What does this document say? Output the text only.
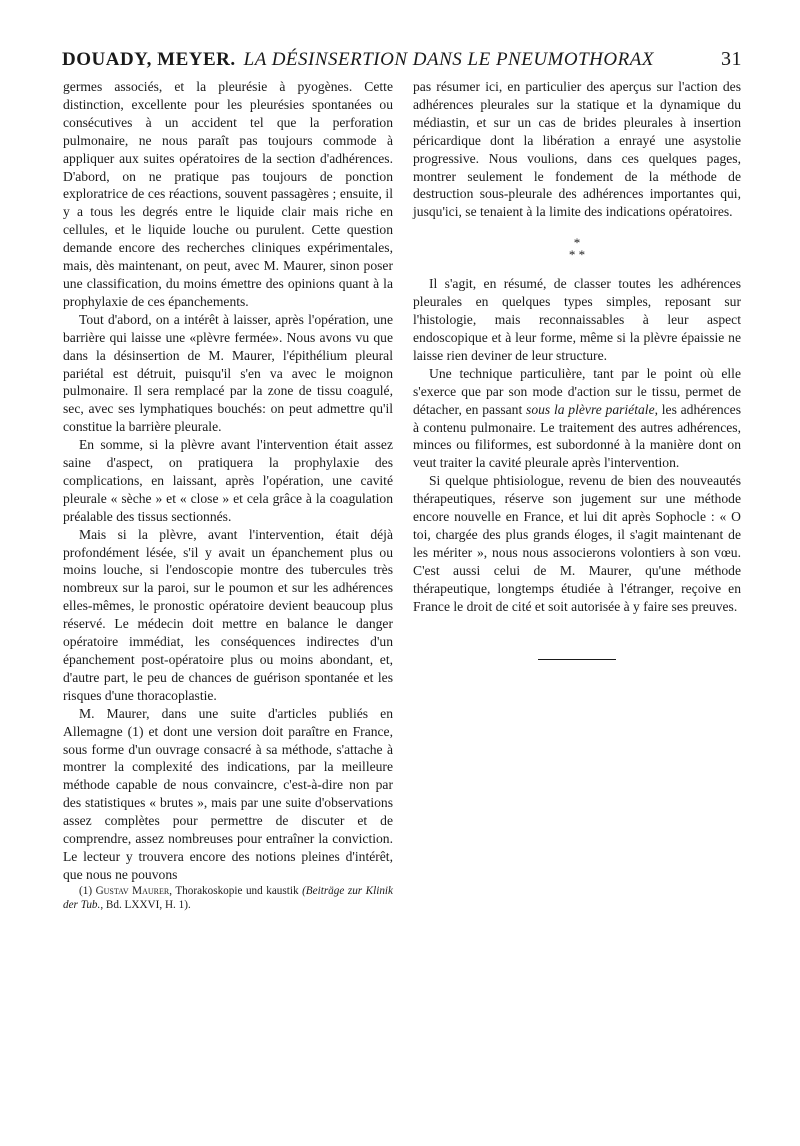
DOUADY, MEYER. LA DÉSINSERTION DANS LE PNEUMOTHORAX	31

germes associés, et la pleurésie à pyogènes. Cette distinction, excellente pour les pleurésies spontanées ou consécutives à un accident tel que la perforation pulmonaire, ne nous paraît pas toujours commode à appliquer aux suites opératoires de la section d'adhérences. D'abord, on ne pratique pas toujours de ponction exploratrice de ces réactions, souvent passagères ; ensuite, il y a tous les degrés entre le liquide clair mais riche en cellules, et le liquide louche ou purulent. Cette question demande encore des recherches cliniques expérimentales, mais, dès maintenant, on peut, avec M. Maurer, sinon poser une classification, du moins émettre des opinions quant à la prophylaxie de ces épanchements.

Tout d'abord, on a intérêt à laisser, après l'opération, une barrière qui laisse une «plèvre fermée». Nous avons vu que dans la désinsertion de M. Maurer, l'épithélium pleural pariétal est détruit, puisqu'il s'en va avec le moignon pulmonaire. Il sera remplacé par la zone de tissu coagulé, sec, avec ses lymphatiques bouchés: on peut admettre qu'il constitue la barrière pleurale.

En somme, si la plèvre avant l'intervention était assez saine d'aspect, on pratiquera la prophylaxie des complications, en laissant, après l'opération, une cavité pleurale « sèche » et « close » et cela grâce à la coagulation préalable des tissus sectionnés.

Mais si la plèvre, avant l'intervention, était déjà profondément lésée, s'il y avait un épanchement plus ou moins louche, si l'endoscopie montre des tubercules très nombreux sur la paroi, sur le poumon et sur les adhérences elles-mêmes, le pronostic opératoire devient beaucoup plus réservé. Le médecin doit mettre en balance le danger opératoire immédiat, les conséquences indirectes d'un épanchement post-opératoire plus ou moins abondant, et, d'autre part, le peu de chances de guérison spontanée et les risques d'une thoracoplastie.

M. Maurer, dans une suite d'articles publiés en Allemagne (1) et dont une version doit paraître en France, sous forme d'un ouvrage consacré à sa méthode, s'attache à montrer la complexité des indications, par la meilleure méthode capable de nous convaincre, c'est-à-dire non par des statistiques « brutes », mais par une suite d'observations assez complètes pour permettre de discuter et de comprendre, assez nombreuses pour entraîner la conviction. Le lecteur y trouvera encore des notions pleines d'intérêt, que nous ne pouvons

(1) Gustav Maurer, Thorakoskopie und kaustik (Beiträge zur Klinik der Tub., Bd. LXXVI, H. 1).

pas résumer ici, en particulier des aperçus sur l'action des adhérences pleurales sur la statique et la dynamique du médiastin, et sur un cas de brides pleurales à insertion péricardique dont la libération a enrayé une asystolie progressive. Nous voulions, dans ces quelques pages, montrer seulement le fondement de la méthode de destruction sous-pleurale des adhérences importantes qui, jusqu'ici, se tenaient à la limite des indications opératoires.

*
* *

Il s'agit, en résumé, de classer toutes les adhérences pleurales en quelques types simples, reposant sur l'histologie, mais reconnaissables à leur aspect endoscopique et à leur forme, même si la plèvre épaissie ne laisse rien deviner de leur structure.

Une technique particulière, tant par le point où elle s'exerce que par son mode d'action sur le tissu, permet de détacher, en passant sous la plèvre pariétale, les adhérences à contenu pulmonaire. Le traitement des autres adhérences, minces ou filiformes, est subordonné à la manière dont on veut traiter la cavité pleurale après l'intervention.

Si quelque phtisiologue, revenu de bien des nouveautés thérapeutiques, réserve son jugement sur une méthode encore nouvelle en France, et lui dit après Sophocle : « O toi, chargée des plus grands éloges, il s'agit maintenant de les mériter », nous nous associerons volontiers à son vœu. C'est aussi celui de M. Maurer, qu'une méthode thérapeutique, longtemps étudiée à l'étranger, reçoive en France le droit de cité et soit autorisée à y faire ses preuves.
